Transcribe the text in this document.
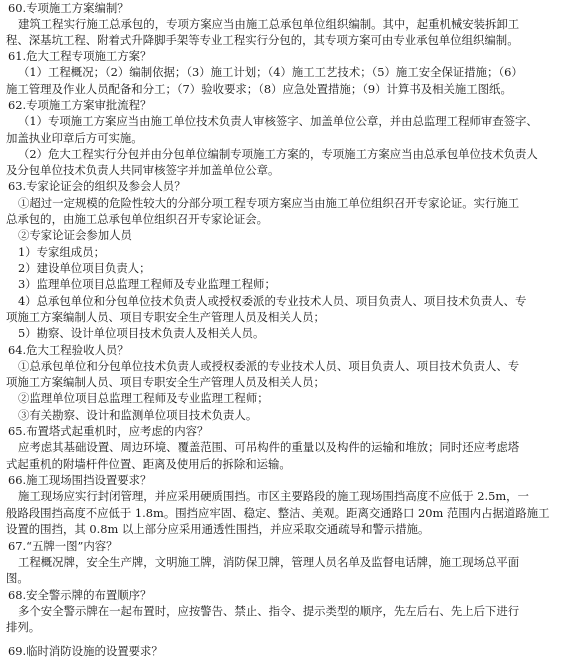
60.专项施工方案编制？
建筑工程实行施工总承包的，专项方案应当由施工总承包单位组织编制。其中，起重机械安装拆卸工
程、深基坑工程、附着式升降脚手架等专业工程实行分包的，其专项方案可由专业承包单位组织编制。
61.危大工程专项施工方案？
（1）工程概况；（2）编制依据；（3）施工计划；（4）施工工艺技术；（5）施工安全保证措施；（6）
施工管理及作业人员配备和分工；（7）验收要求；（8）应急处置措施；（9）计算书及相关施工图纸。
62.专项施工方案审批流程？
（1）专项施工方案应当由施工单位技术负责人审核签字、加盖单位公章，并由总监理工程师审查签字、
加盖执业印章后方可实施。
（2）危大工程实行分包并由分包单位编制专项施工方案的，专项施工方案应当由总承包单位技术负责人
及分包单位技术负责人共同审核签字并加盖单位公章。
63.专家论证会的组织及参会人员？
①超过一定规模的危险性较大的分部分项工程专项方案应当由施工单位组织召开专家论证。实行施工
总承包的，由施工总承包单位组织召开专家论证会。
②专家论证会参加人员
1）专家组成员；
2）建设单位项目负责人；
3）监理单位项目总监理工程师及专业监理工程师；
4）总承包单位和分包单位技术负责人或授权委派的专业技术人员、项目负责人、项目技术负责人、专
项施工方案编制人员、项目专职安全生产管理人员及相关人员；
5）勘察、设计单位项目技术负责人及相关人员。
64.危大工程验收人员？
①总承包单位和分包单位技术负责人或授权委派的专业技术人员、项目负责人、项目技术负责人、专
项施工方案编制人员、项目专职安全生产管理人员及相关人员；
②监理单位项目总监理工程师及专业监理工程师；
③有关勘察、设计和监测单位项目技术负责人。
65.布置塔式起重机时，应考虑的内容？
应考虑其基础设置、周边环境、覆盖范围、可吊构件的重量以及构件的运输和堆放；同时还应考虑塔
式起重机的附墙杆件位置、距离及使用后的拆除和运输。
66.施工现场围挡设置要求？
施工现场应实行封闭管理，并应采用硬质围挡。市区主要路段的施工现场围挡高度不应低于 2.5m，一
般路段围挡高度不应低于 1.8m。围挡应牢固、稳定、整洁、美观。距离交通路口 20m 范围内占据道路施工
设置的围挡，其 0.8m 以上部分应采用通透性围挡，并应采取交通疏导和警示措施。
67.“五牌一图”内容？
工程概况牌，安全生产牌，文明施工牌，消防保卫牌，管理人员名单及监督电话牌，施工现场总平面
图。
68.安全警示牌的布置顺序？
多个安全警示牌在一起布置时，应按警告、禁止、指令、提示类型的顺序，先左后右、先上后下进行
排列。
69.临时消防设施的设置要求？
